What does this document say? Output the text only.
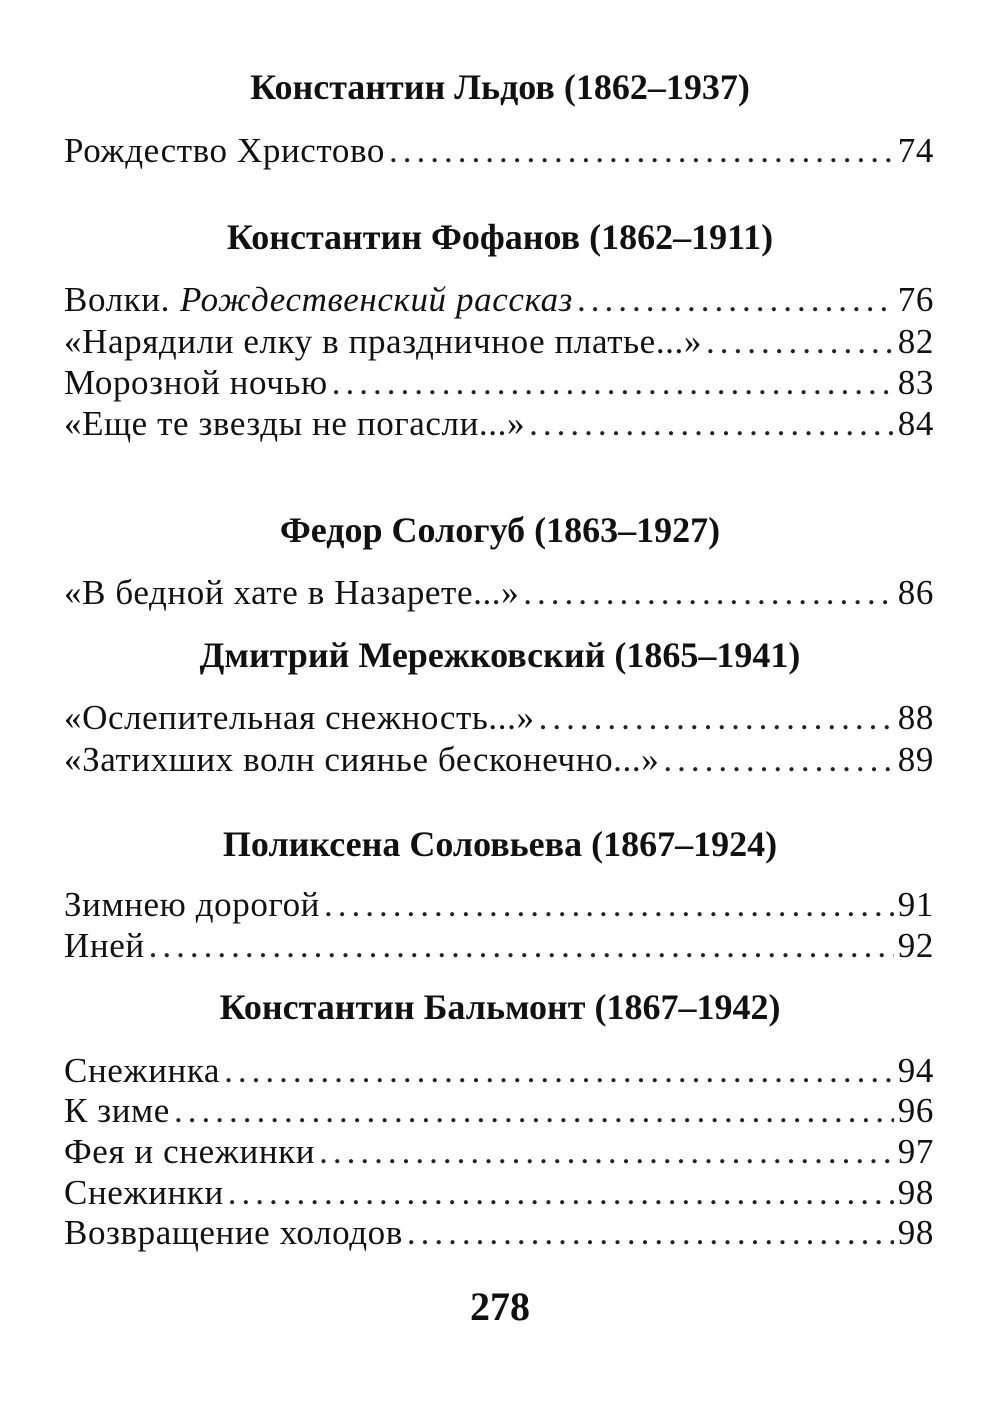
Константин Льдов (1862–1937)
Рождество Христово .....	74
Константин Фофанов (1862–1911)
Волки. Рождественский рассказ .....	76
«Нарядили елку в праздничное платье...» .....	82
Морозной ночью .....	83
«Еще те звезды не погасли...» .....	84
Федор Сологуб (1863–1927)
«В бедной хате в Назарете...» .....	86
Дмитрий Мережковский (1865–1941)
«Ослепительная снежность...» .....	88
«Затихших волн сиянье бесконечно...» .....	89
Поликсена Соловьева (1867–1924)
Зимнею дорогой .....	91
Иней .....	92
Константин Бальмонт (1867–1942)
Снежинка .....	94
К зиме .....	96
Фея и снежинки .....	97
Снежинки .....	98
Возвращение холодов .....	98
278
